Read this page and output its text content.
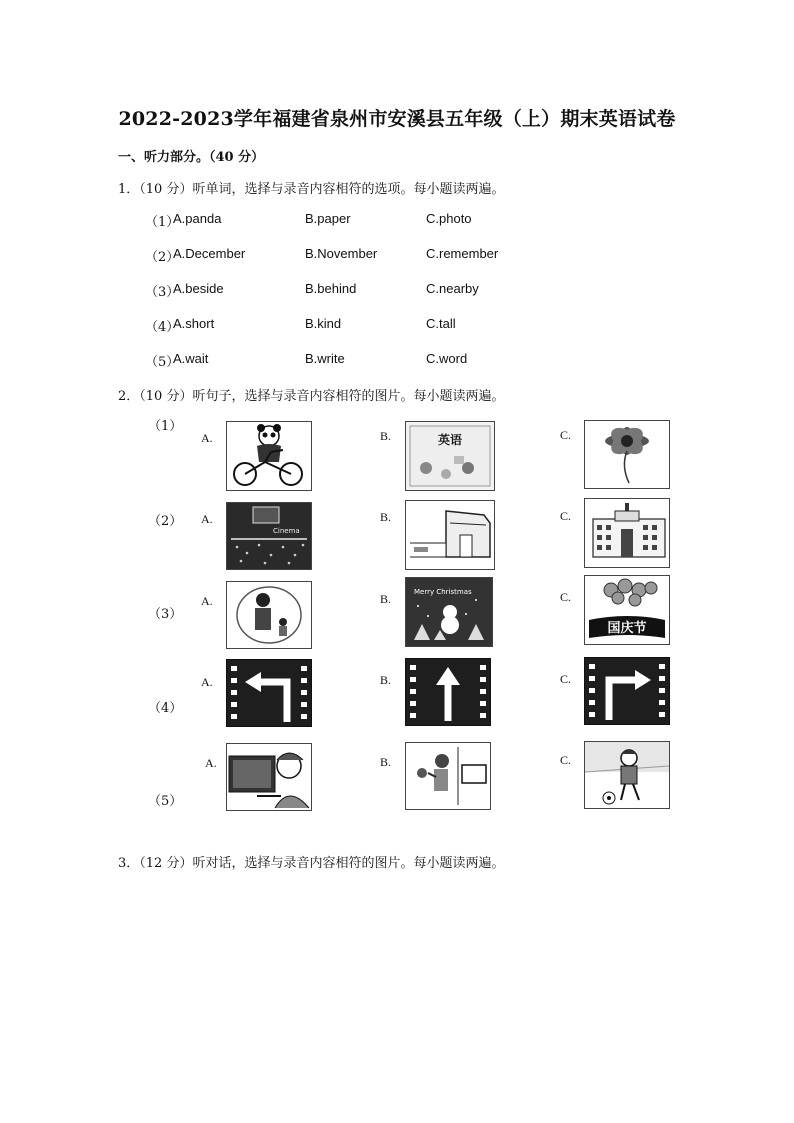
2022-2023学年福建省泉州市安溪县五年级（上）期末英语试卷
一、听力部分。（40 分）
1．（10 分）听单词，选择与录音内容相符的选项。每小题读两遍。
（1）
A.panda	B.paper	C.photo
（2）
A.December	B.November	C.remember
（3）
A.beside	B.behind	C.nearby
（4）
A.short	B.kind	C.tall
（5）
A.wait	B.write	C.word
2．（10 分）听句子，选择与录音内容相符的图片。每小题读两遍。
（1）
（2）
（3）
（4）
（5）
A.	B.	C.
A.	B.	C.
A.	B.	C.
A.	B.	C.
A.	B.	C.
英语
Cinema
Merry Christmas
国庆节
3．（12 分）听对话，选择与录音内容相符的图片。每小题读两遍。
